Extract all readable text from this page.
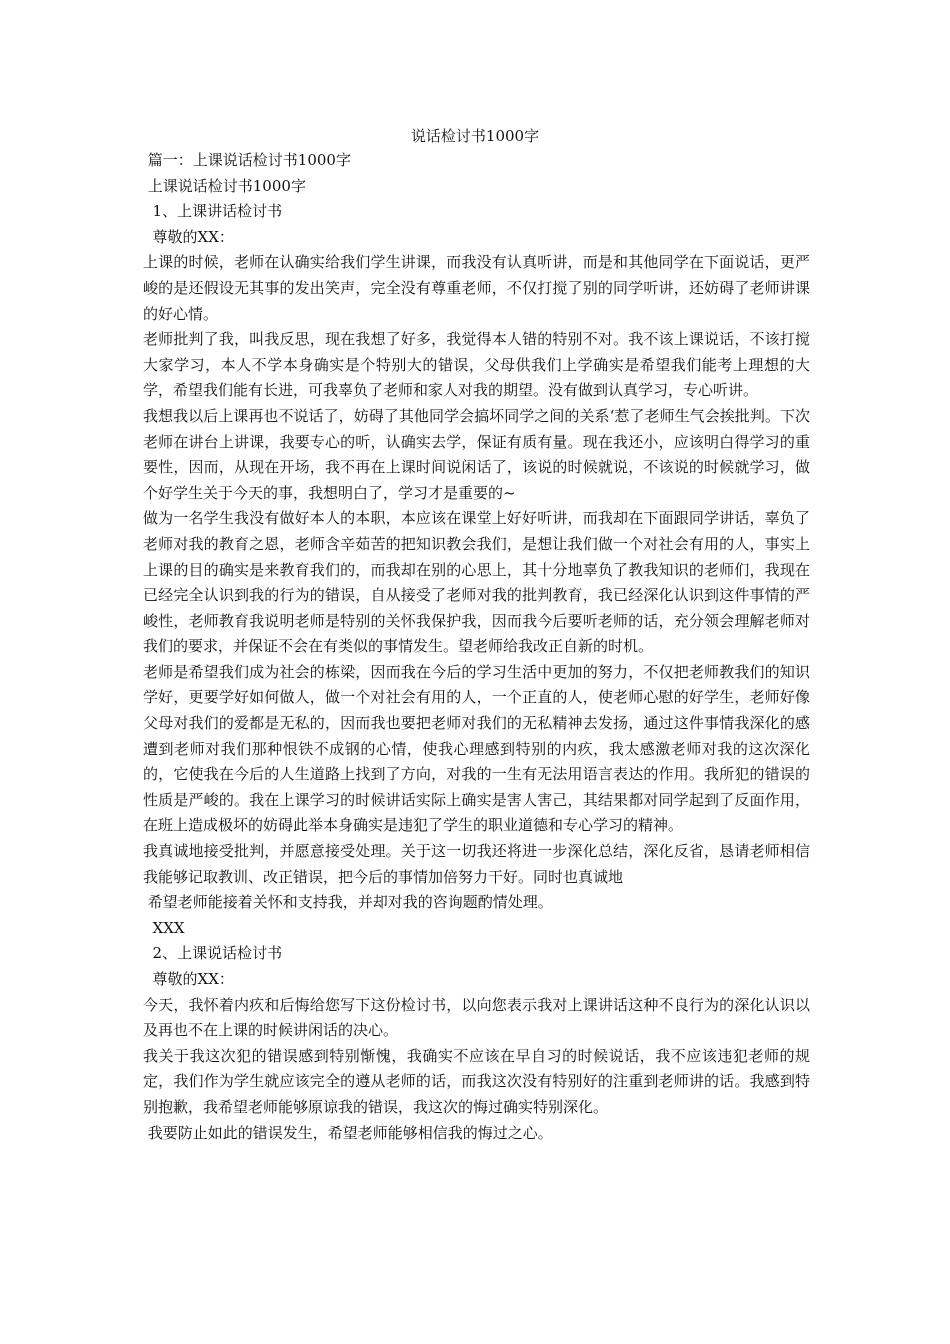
说话检讨书1000字
篇一：上课说话检讨书1000字
上课说话检讨书1000字
1、上课讲话检讨书
尊敬的XX：

上课的时候，老师在认确实给我们学生讲课，而我没有认真听讲，而是和其他同学在下面说话，更严峻的是还假设无其事的发出笑声，完全没有尊重老师，不仅打搅了别的同学听讲，还妨碍了老师讲课的好心情。

老师批判了我，叫我反思，现在我想了好多，我觉得本人错的特别不对。我不该上课说话，不该打搅大家学习，本人不学本身确实是个特别大的错误，父母供我们上学确实是希望我们能考上理想的大学，希望我们能有长进，可我辜负了老师和家人对我的期望。没有做到认真学习，专心听讲。

我想我以后上课再也不说话了，妨碍了其他同学会搞坏同学之间的关系‘惹了老师生气会挨批判。下次老师在讲台上讲课，我要专心的听，认确实去学，保证有质有量。现在我还小，应该明白得学习的重要性，因而，从现在开场，我不再在上课时间说闲话了，该说的时候就说，不该说的时候就学习，做个好学生关于今天的事，我想明白了，学习才是重要的~

做为一名学生我没有做好本人的本职，本应该在课堂上好好听讲，而我却在下面跟同学讲话，辜负了老师对我的教育之恩，老师含辛茹苦的把知识教会我们，是想让我们做一个对社会有用的人，事实上上课的目的确实是来教育我们的，而我却在别的心思上，其十分地辜负了教我知识的老师们，我现在已经完全认识到我的行为的错误，自从接受了老师对我的批判教育，我已经深化认识到这件事情的严峻性，老师教育我说明老师是特别的关怀我保护我，因而我今后要听老师的话，充分领会理解老师对我们的要求，并保证不会在有类似的事情发生。望老师给我改正自新的时机。

老师是希望我们成为社会的栋梁，因而我在今后的学习生活中更加的努力，不仅把老师教我们的知识学好，更要学好如何做人，做一个对社会有用的人，一个正直的人，使老师心慰的好学生，老师好像父母对我们的爱都是无私的，因而我也要把老师对我们的无私精神去发扬，通过这件事情我深化的感遭到老师对我们那种恨铁不成钢的心情，使我心理感到特别的内疚，我太感激老师对我的这次深化的，它使我在今后的人生道路上找到了方向，对我的一生有无法用语言表达的作用。我所犯的错误的性质是严峻的。我在上课学习的时候讲话实际上确实是害人害己，其结果都对同学起到了反面作用，在班上造成极坏的妨碍此举本身确实是违犯了学生的职业道德和专心学习的精神。

我真诚地接受批判，并愿意接受处理。关于这一切我还将进一步深化总结，深化反省，恳请老师相信我能够记取教训、改正错误，把今后的事情加倍努力干好。同时也真诚地

希望老师能接着关怀和支持我，并却对我的咨询题酌情处理。
XXX
2、上课说话检讨书
尊敬的XX：

今天，我怀着内疚和后悔给您写下这份检讨书，以向您表示我对上课讲话这种不良行为的深化认识以及再也不在上课的时候讲闲话的决心。

我关于我这次犯的错误感到特别惭愧，我确实不应该在早自习的时候说话，我不应该违犯老师的规定，我们作为学生就应该完全的遵从老师的话，而我这次没有特别好的注重到老师讲的话。我感到特别抱歉，我希望老师能够原谅我的错误，我这次的悔过确实特别深化。

我要防止如此的错误发生，希望老师能够相信我的悔过之心。
